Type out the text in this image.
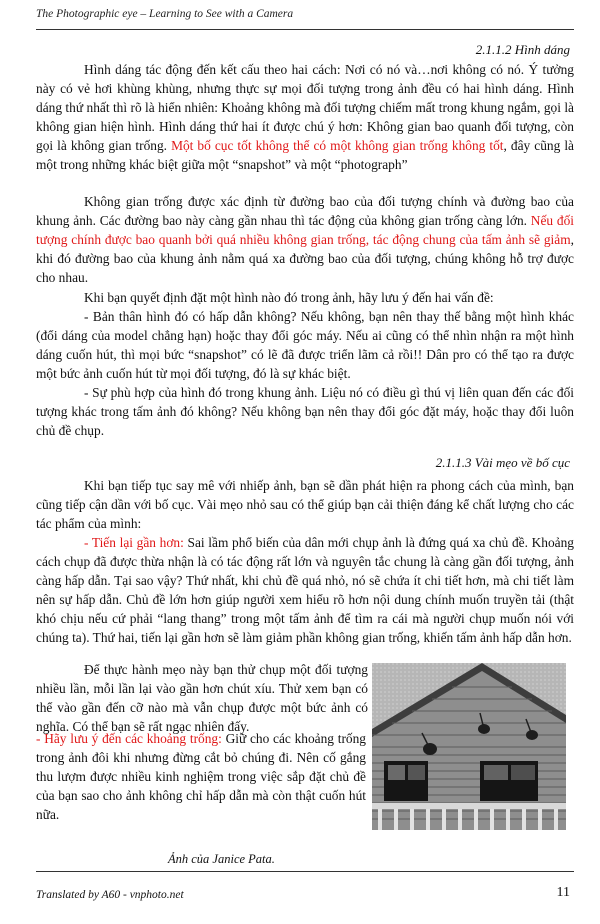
The Photographic eye – Learning to See with a Camera
2.1.1.2 Hình dáng

Hình dáng tác động đến kết cấu theo hai cách: Nơi có nó và…nơi không có nó. Ý tưởng này có vẻ hơi khùng khùng, nhưng thực sự mọi đối tượng trong ảnh đều có hai hình dáng. Hình dáng thứ nhất thì rõ là hiển nhiên: Khoảng không mà đối tượng chiếm mất trong khung ngắm, gọi là không gian hiện hình. Hình dáng thứ hai ít được chú ý hơn: Không gian bao quanh đối tượng, còn gọi là không gian trống. Một bố cục tốt không thể có một không gian trống không tốt, đây cũng là một trong những khác biệt giữa một “snapshot” và một “photograph”

Không gian trống được xác định từ đường bao của đối tượng chính và đường bao của khung ảnh. Các đường bao này càng gần nhau thì tác động của không gian trống càng lớn. Nếu đối tượng chính được bao quanh bởi quá nhiều không gian trống, tác động chung của tấm ảnh sẽ giảm, khi đó đường bao của khung ảnh nằm quá xa đường bao của đối tượng, chúng không hỗ trợ được cho nhau.

Khi bạn quyết định đặt một hình nào đó trong ảnh, hãy lưu ý đến hai vấn đề:

- Bản thân hình đó có hấp dẫn không? Nếu không, bạn nên thay thế bằng một hình khác (đổi dáng của model chẳng hạn) hoặc thay đổi góc máy. Nếu ai cũng có thể nhìn nhận ra một hình dáng cuốn hút, thì mọi bức “snapshot” có lẽ đã được triển lãm cả rồi!! Dân pro có thể tạo ra được một bức ảnh cuốn hút từ mọi đối tượng, đó là sự khác biệt.

- Sự phù hợp của hình đó trong khung ảnh. Liệu nó có điều gì thú vị liên quan đến các đối tượng khác trong tấm ảnh đó không? Nếu không bạn nên thay đổi góc đặt máy, hoặc thay đổi luôn chủ đề chụp.

2.1.1.3 Vài mẹo về bố cục

Khi bạn tiếp tục say mê với nhiếp ảnh, bạn sẽ dần phát hiện ra phong cách của mình, bạn cũng tiếp cận dần với bố cục. Vài mẹo nhỏ sau có thể giúp bạn cải thiện đáng kể chất lượng cho các tác phẩm của mình:

- Tiến lại gần hơn: Sai lầm phổ biến của dân mới chụp ảnh là đứng quá xa chủ đề. Khoảng cách chụp đã được thừa nhận là có tác động rất lớn và nguyên tắc chung là càng gần đối tượng, ảnh càng hấp dẫn. Tại sao vậy? Thứ nhất, khi chủ đề quá nhỏ, nó sẽ chứa ít chi tiết hơn, mà chi tiết làm nên sự hấp dẫn. Chủ đề lớn hơn giúp người xem hiểu rõ hơn nội dung chính muốn truyền tải (thật khó chịu nếu cứ phải “lang thang” trong một tấm ảnh để tìm ra cái mà người chụp muốn nói với chúng ta). Thứ hai, tiến lại gần hơn sẽ làm giảm phần không gian trống, khiến tấm ảnh hấp dẫn hơn.

Để thực hành mẹo này bạn thử chụp một đối tượng nhiều lần, mỗi lần lại vào gần hơn chút xíu. Thử xem bạn có thể vào gần đến cỡ nào mà vẫn chụp được một bức ảnh có nghĩa. Có thể bạn sẽ rất ngạc nhiên đấy.

- Hãy lưu ý đến các khoảng trống: Giữ cho các khoảng trống trong ảnh đôi khi nhưng đừng cắt bỏ chúng đi. Nên cố gắng thu lượm được nhiều kinh nghiệm trong việc sắp đặt chủ đề của bạn sao cho ảnh không chỉ hấp dẫn mà còn thật cuốn hút nữa.

Ảnh của Janice Pata.
Translated by A60 - vnphoto.net	11
